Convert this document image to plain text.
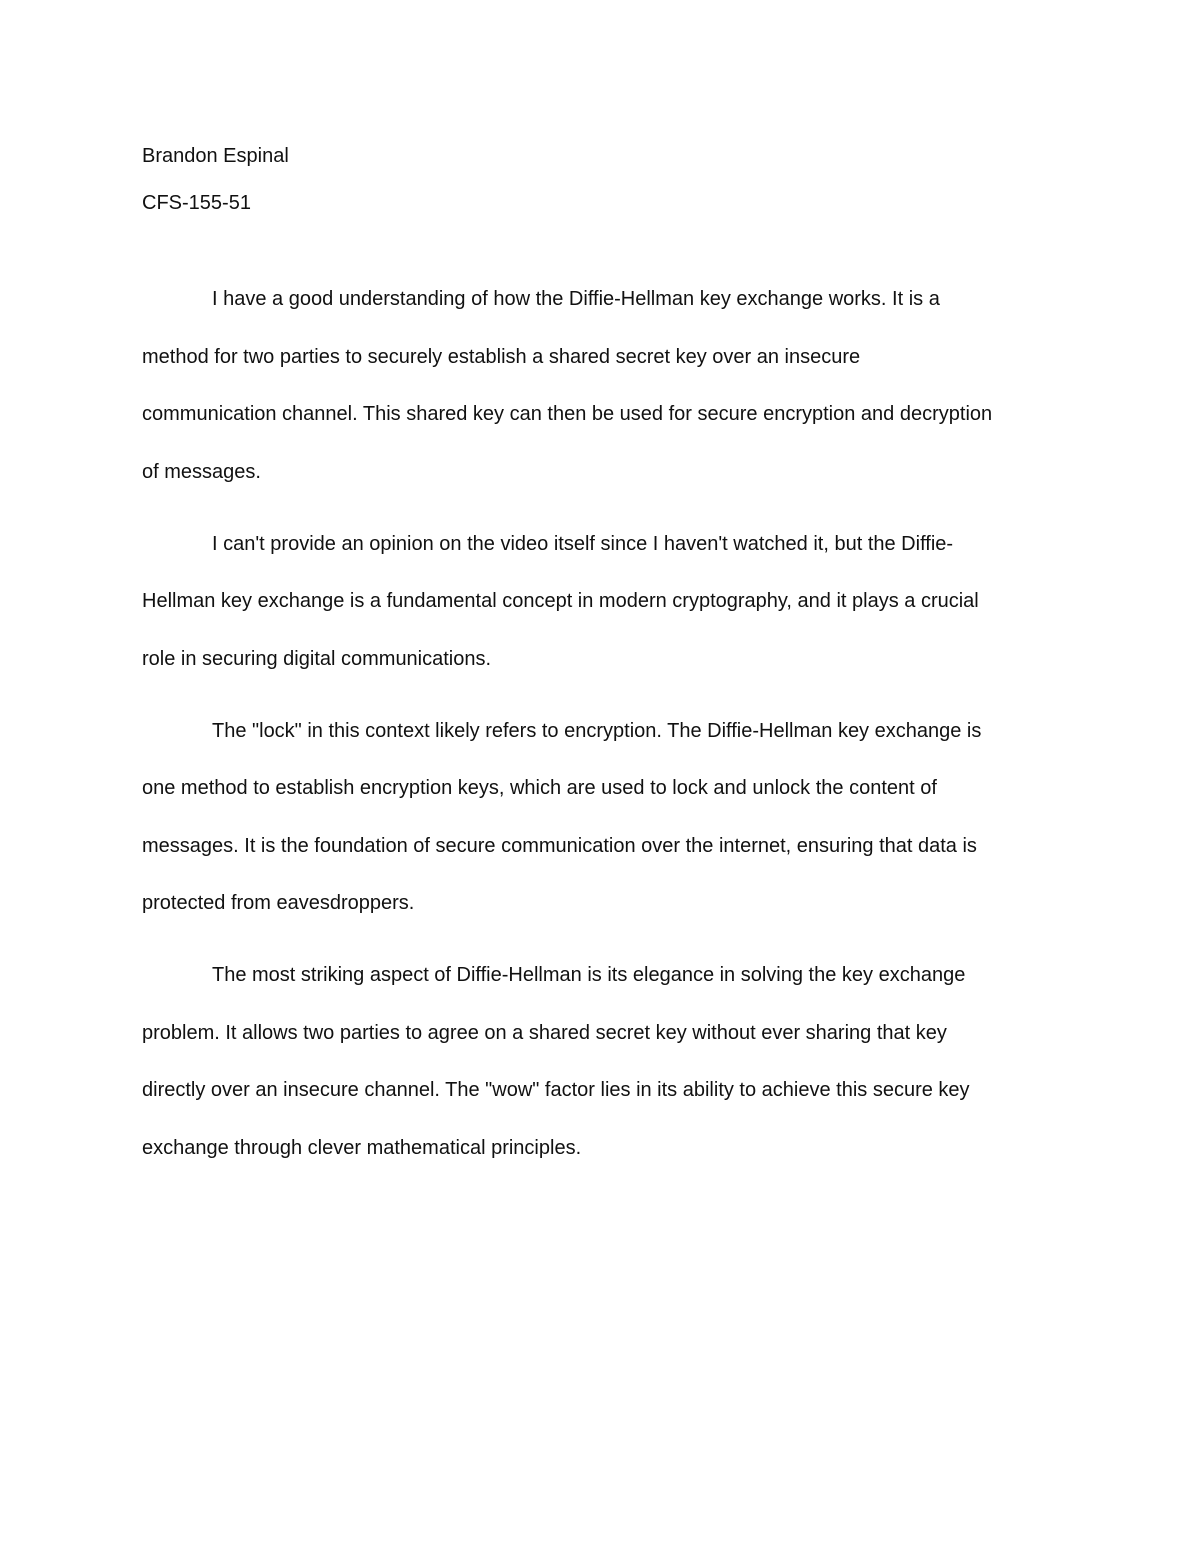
Brandon Espinal

CFS-155-51

I have a good understanding of how the Diffie-Hellman key exchange works. It is a
method for two parties to securely establish a shared secret key over an insecure
communication channel. This shared key can then be used for secure encryption and decryption
of messages.
I can't provide an opinion on the video itself since I haven't watched it, but the Diffie-
Hellman key exchange is a fundamental concept in modern cryptography, and it plays a crucial
role in securing digital communications.
The "lock" in this context likely refers to encryption. The Diffie-Hellman key exchange is
one method to establish encryption keys, which are used to lock and unlock the content of
messages. It is the foundation of secure communication over the internet, ensuring that data is
protected from eavesdroppers.
The most striking aspect of Diffie-Hellman is its elegance in solving the key exchange
problem. It allows two parties to agree on a shared secret key without ever sharing that key
directly over an insecure channel. The "wow" factor lies in its ability to achieve this secure key
exchange through clever mathematical principles.
